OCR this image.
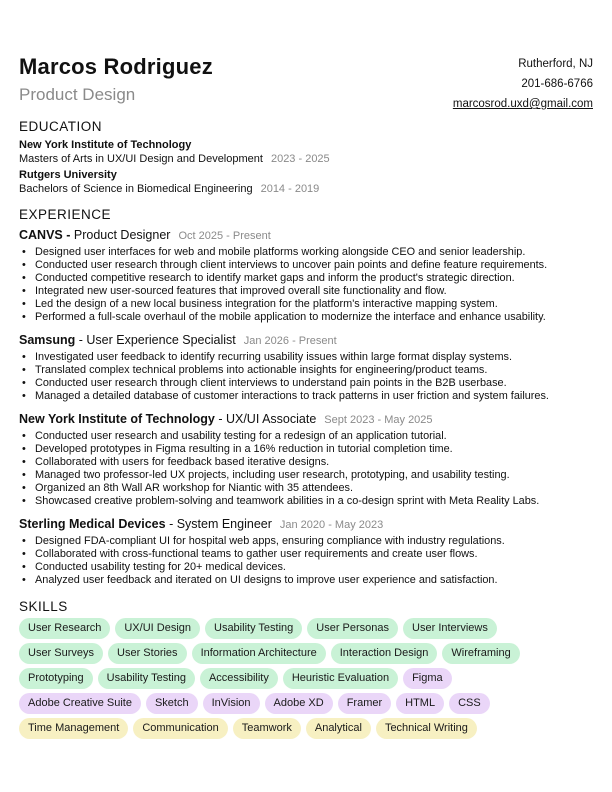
Marcos Rodriguez
Product Design
Rutherford, NJ
201-686-6766
marcosrod.uxd@gmail.com
EDUCATION
New York Institute of Technology
Masters of Arts in UX/UI Design and Development 2023 - 2025
Rutgers University
Bachelors of Science in Biomedical Engineering 2014 - 2019
EXPERIENCE
CANVS - Product Designer Oct 2025 - Present
• Designed user interfaces for web and mobile platforms working alongside CEO and senior leadership.
• Conducted user research through client interviews to uncover pain points and define feature requirements.
• Conducted competitive research to identify market gaps and inform the product's strategic direction.
• Integrated new user-sourced features that improved overall site functionality and flow.
• Led the design of a new local business integration for the platform's interactive mapping system.
• Performed a full-scale overhaul of the mobile application to modernize the interface and enhance usability.
Samsung - User Experience Specialist Jan 2026 - Present
• Investigated user feedback to identify recurring usability issues within large format display systems.
• Translated complex technical problems into actionable insights for engineering/product teams.
• Conducted user research through client interviews to understand pain points in the B2B userbase.
• Managed a detailed database of customer interactions to track patterns in user friction and system failures.
New York Institute of Technology - UX/UI Associate Sept 2023 - May 2025
• Conducted user research and usability testing for a redesign of an application tutorial.
• Developed prototypes in Figma resulting in a 16% reduction in tutorial completion time.
• Collaborated with users for feedback based iterative designs.
• Managed two professor-led UX projects, including user research, prototyping, and usability testing.
• Organized an 8th Wall AR workshop for Niantic with 35 attendees.
• Showcased creative problem-solving and teamwork abilities in a co-design sprint with Meta Reality Labs.
Sterling Medical Devices - System Engineer Jan 2020 - May 2023
• Designed FDA-compliant UI for hospital web apps, ensuring compliance with industry regulations.
• Collaborated with cross-functional teams to gather user requirements and create user flows.
• Conducted usability testing for 20+ medical devices.
• Analyzed user feedback and iterated on UI designs to improve user experience and satisfaction.
SKILLS
User Research	UX/UI Design	Usability Testing	User Personas	User Interviews
User Surveys	User Stories	Information Architecture	Interaction Design	Wireframing
Prototyping	Usability Testing	Accessibility	Heuristic Evaluation	Figma
Adobe Creative Suite	Sketch	InVision	Adobe XD	Framer	HTML	CSS
Time Management	Communication	Teamwork	Analytical	Technical Writing
